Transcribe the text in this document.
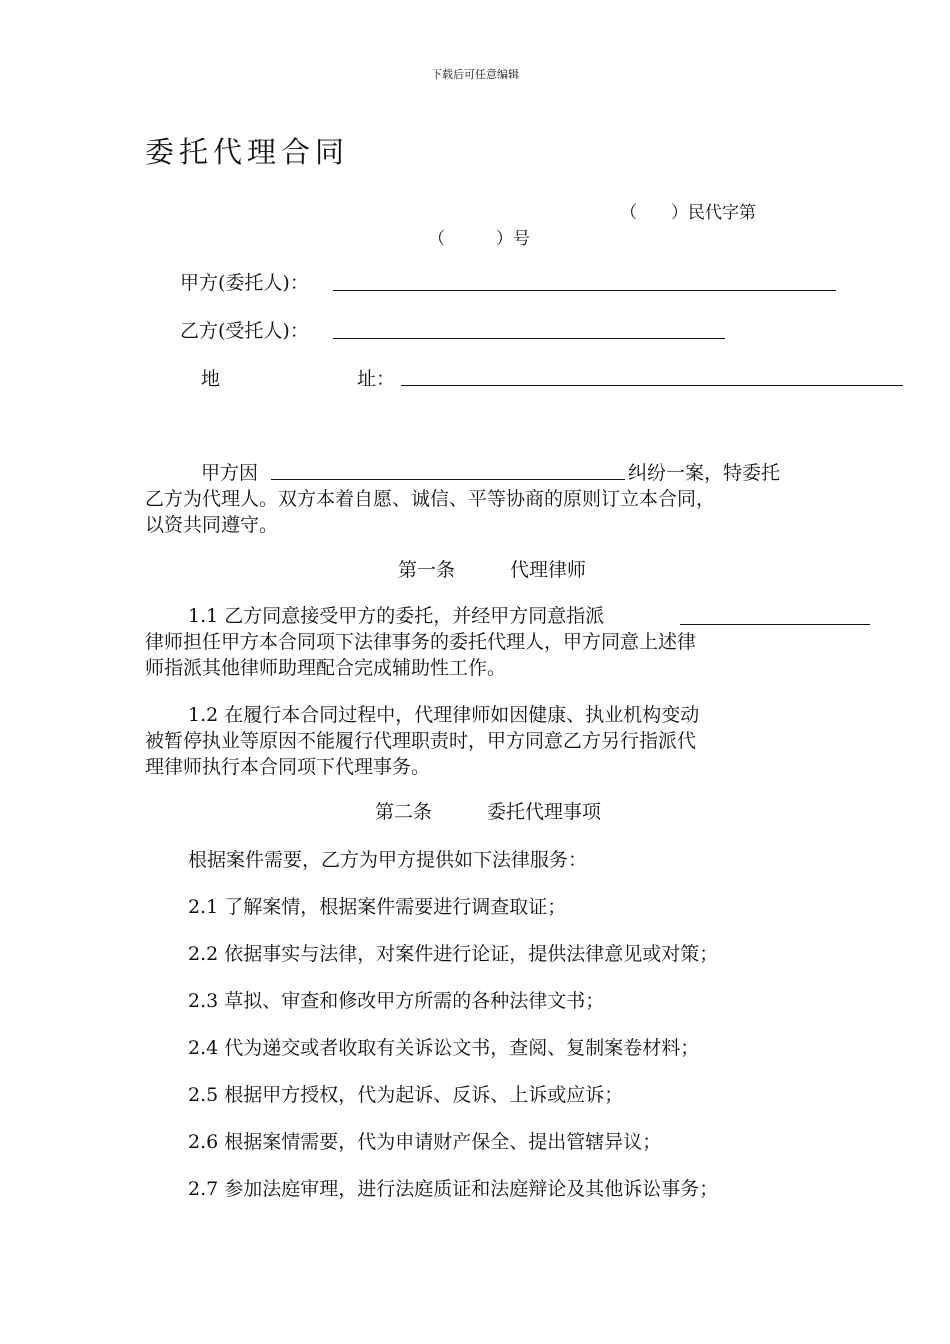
下载后可任意编辑
委托代理合同
（　　）民代字第
（　　　）号
甲方(委托人)：
乙方(受托人)：
地	址：
甲方因	纠纷一案，特委托
乙方为代理人。双方本着自愿、诚信、平等协商的原则订立本合同，
以资共同遵守。
第一条	代理律师
1.1 乙方同意接受甲方的委托，并经甲方同意指派
律师担任甲方本合同项下法律事务的委托代理人，甲方同意上述律
师指派其他律师助理配合完成辅助性工作。
1.2 在履行本合同过程中，代理律师如因健康、执业机构变动
被暂停执业等原因不能履行代理职责时，甲方同意乙方另行指派代
理律师执行本合同项下代理事务。
第二条	委托代理事项
根据案件需要，乙方为甲方提供如下法律服务：
2.1 了解案情，根据案件需要进行调查取证；
2.2 依据事实与法律，对案件进行论证，提供法律意见或对策；
2.3 草拟、审查和修改甲方所需的各种法律文书；
2.4 代为递交或者收取有关诉讼文书，查阅、复制案卷材料；
2.5 根据甲方授权，代为起诉、反诉、上诉或应诉；
2.6 根据案情需要，代为申请财产保全、提出管辖异议；
2.7 参加法庭审理，进行法庭质证和法庭辩论及其他诉讼事务；
